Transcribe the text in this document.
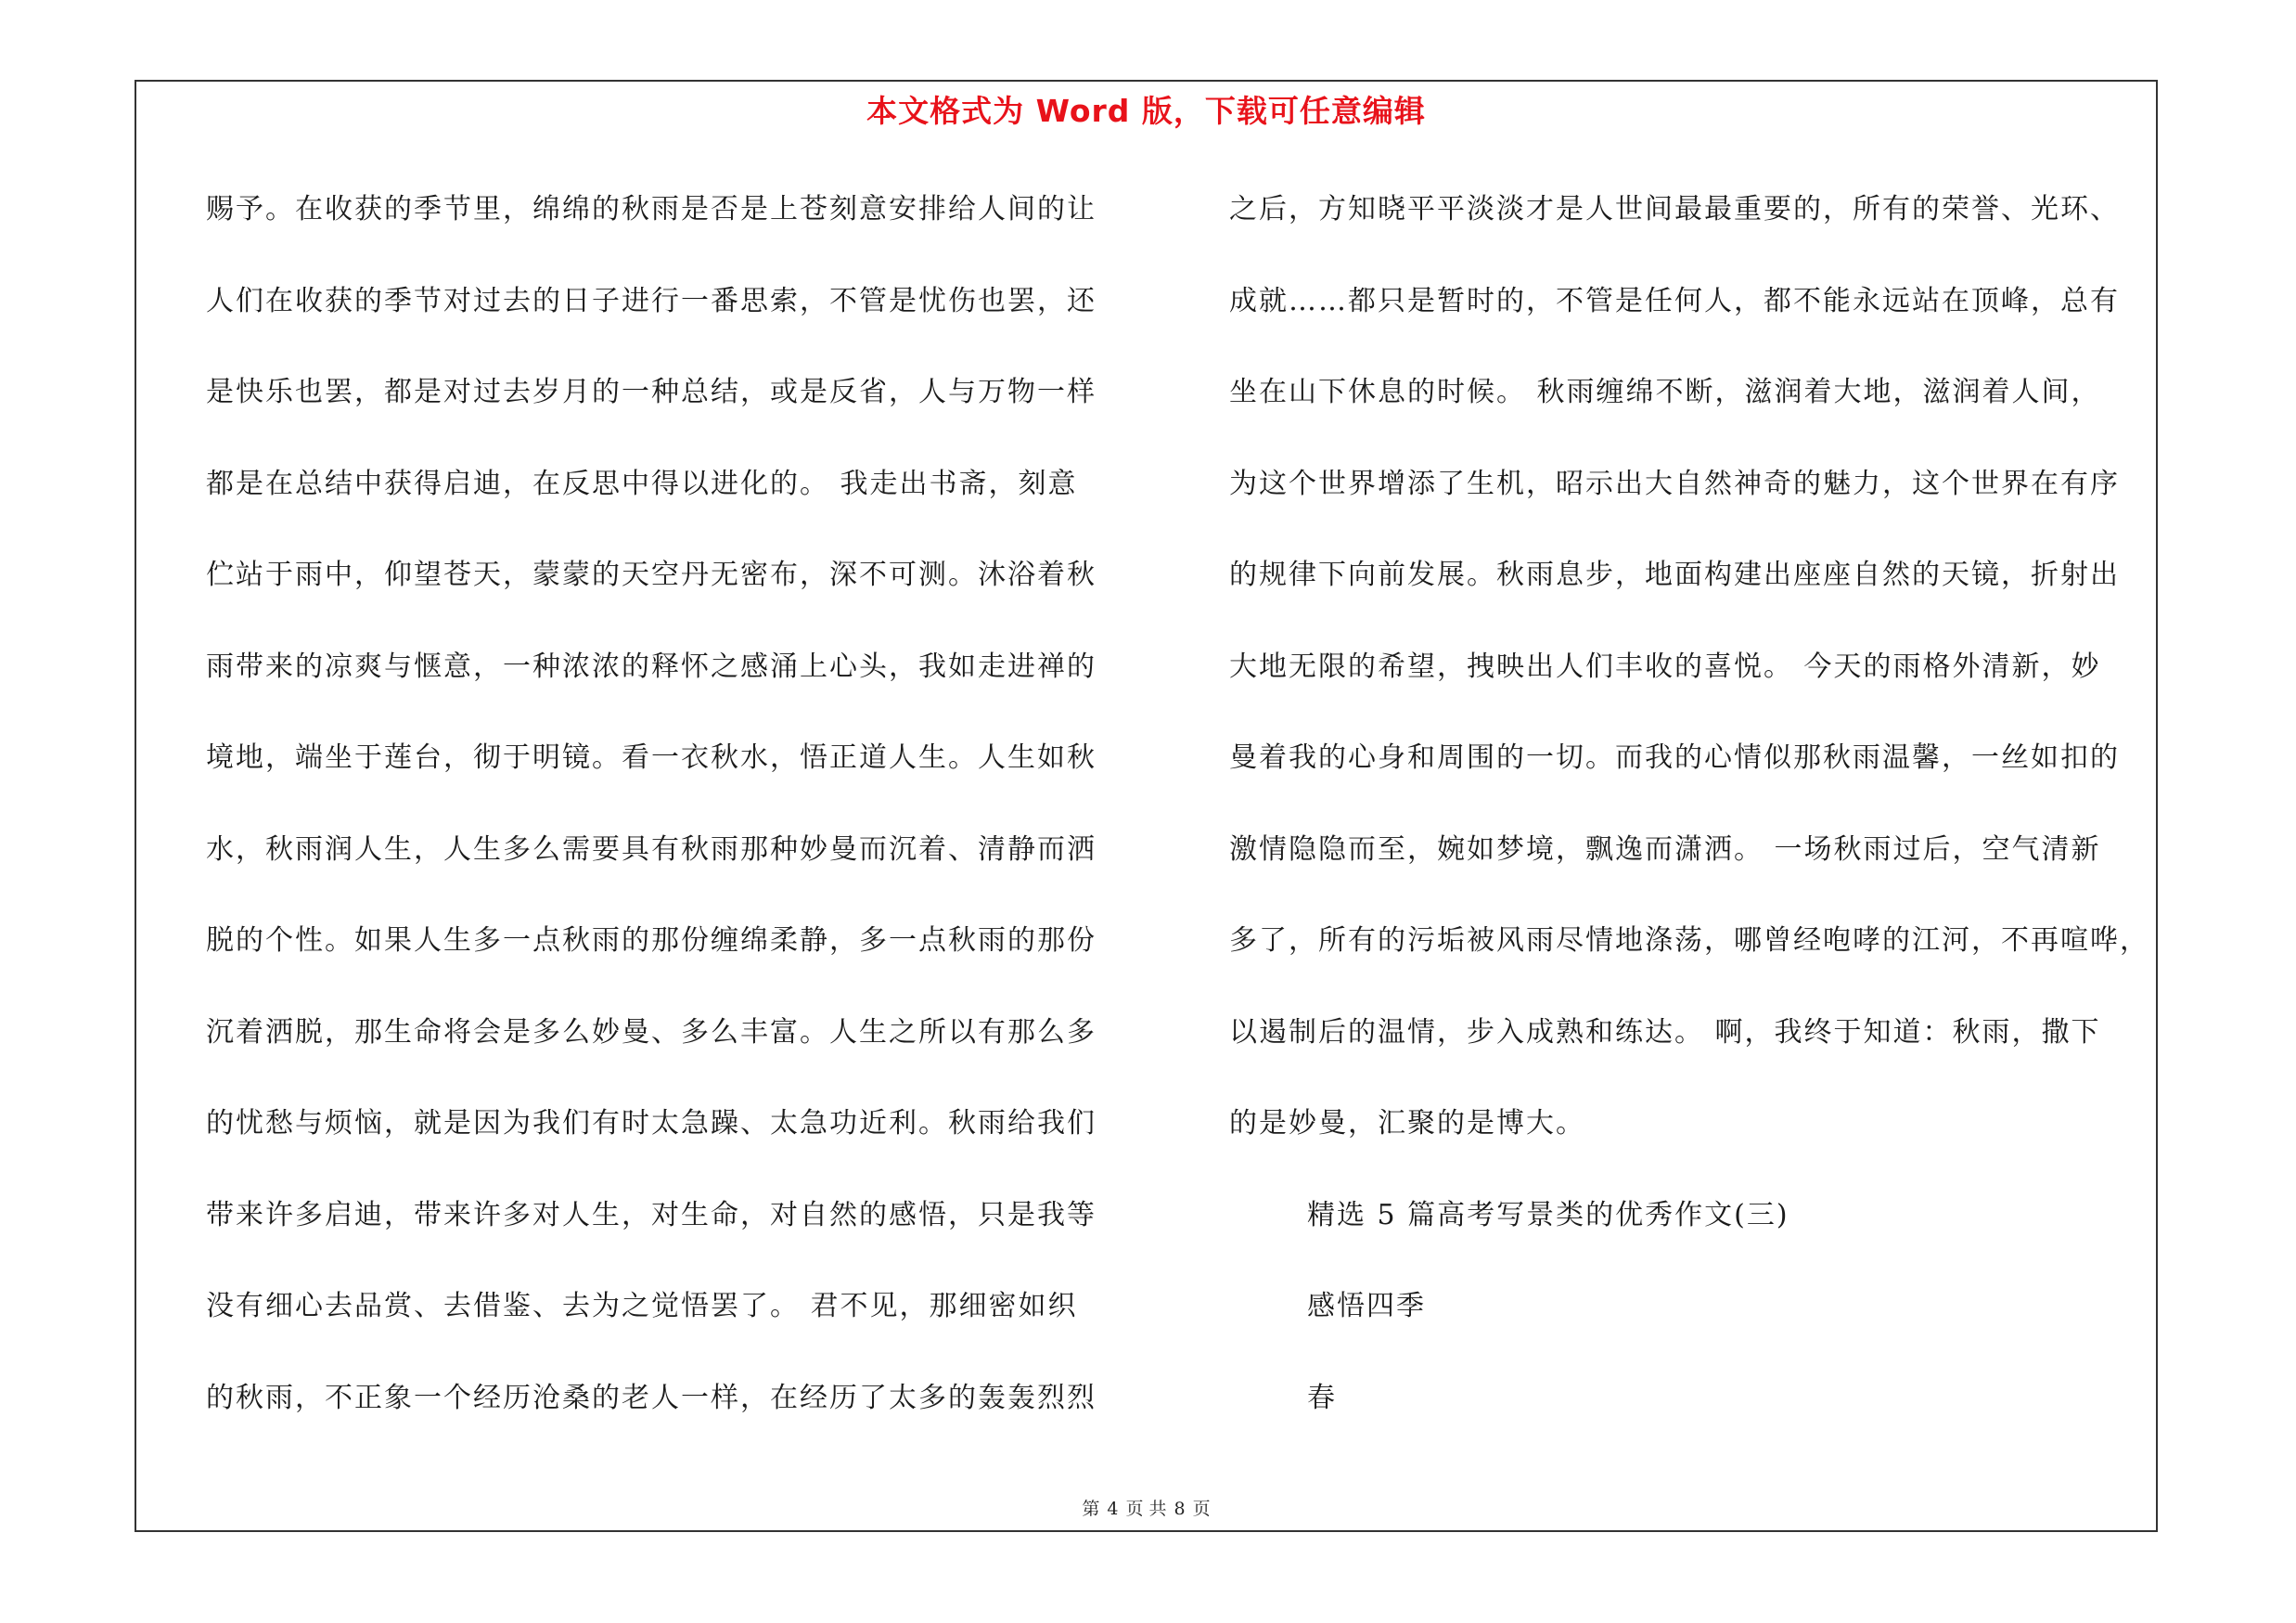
本文格式为 Word 版，下载可任意编辑
赐予。在收获的季节里，绵绵的秋雨是否是上苍刻意安排给人间的让
人们在收获的季节对过去的日子进行一番思索，不管是忧伤也罢，还
是快乐也罢，都是对过去岁月的一种总结，或是反省，人与万物一样
都是在总结中获得启迪，在反思中得以进化的。 我走出书斋，刻意
伫站于雨中，仰望苍天，蒙蒙的天空丹无密布，深不可测。沐浴着秋
雨带来的凉爽与惬意，一种浓浓的释怀之感涌上心头，我如走进禅的
境地，端坐于莲台，彻于明镜。看一衣秋水，悟正道人生。人生如秋
水，秋雨润人生，人生多么需要具有秋雨那种妙曼而沉着、清静而洒
脱的个性。如果人生多一点秋雨的那份缠绵柔静，多一点秋雨的那份
沉着洒脱，那生命将会是多么妙曼、多么丰富。人生之所以有那么多
的忧愁与烦恼，就是因为我们有时太急躁、太急功近利。秋雨给我们
带来许多启迪，带来许多对人生，对生命，对自然的感悟，只是我等
没有细心去品赏、去借鉴、去为之觉悟罢了。 君不见，那细密如织
的秋雨，不正象一个经历沧桑的老人一样，在经历了太多的轰轰烈烈
之后，方知晓平平淡淡才是人世间最最重要的，所有的荣誉、光环、
成就……都只是暂时的，不管是任何人，都不能永远站在顶峰，总有
坐在山下休息的时候。 秋雨缠绵不断，滋润着大地，滋润着人间，
为这个世界增添了生机，昭示出大自然神奇的魅力，这个世界在有序
的规律下向前发展。秋雨息步，地面构建出座座自然的天镜，折射出
大地无限的希望，拽映出人们丰收的喜悦。 今天的雨格外清新，妙
曼着我的心身和周围的一切。而我的心情似那秋雨温馨，一丝如扣的
激情隐隐而至，婉如梦境，飘逸而潇洒。 一场秋雨过后，空气清新
多了，所有的污垢被风雨尽情地涤荡，哪曾经咆哮的江河，不再喧哗，
以遏制后的温情，步入成熟和练达。 啊，我终于知道：秋雨，撒下
的是妙曼，汇聚的是博大。
精选 5 篇高考写景类的优秀作文(三)
感悟四季
春
第 4 页 共 8 页
